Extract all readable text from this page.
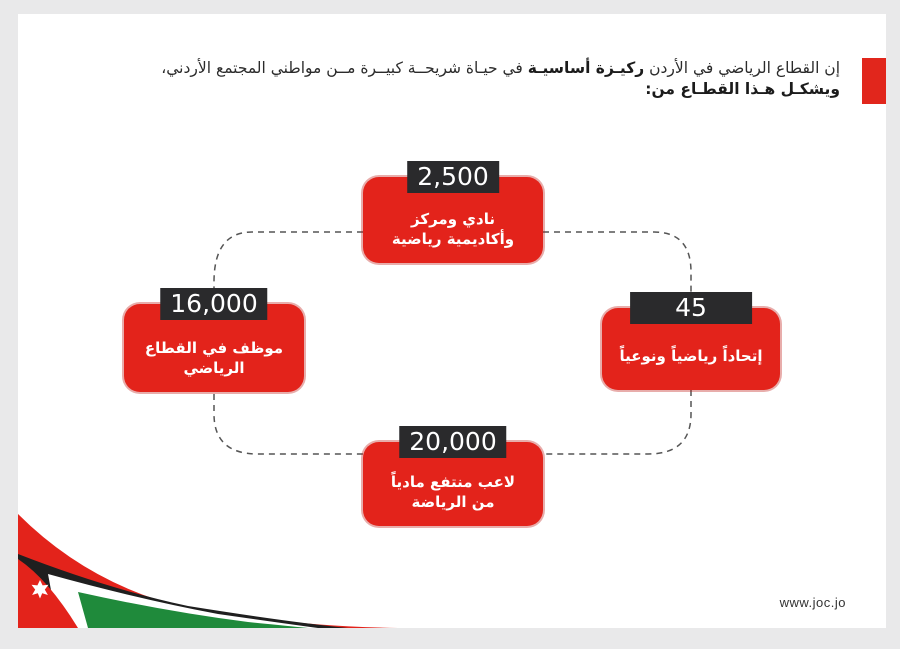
إن القطاع الرياضي في الأردن ركيـزة أساسيـة في حيـاة شريحــة كبيــرة مــن مواطني المجتمع الأردني،
ويشكـل هـذا القطـاع من:
2,500
نادي ومركز
وأكاديمية رياضية
16,000
موظف في القطاع
الرياضي
45
إتحاداً رياضياً ونوعياً
20,000
لاعب منتفع مادياً
من الرياضة
www.joc.jo
